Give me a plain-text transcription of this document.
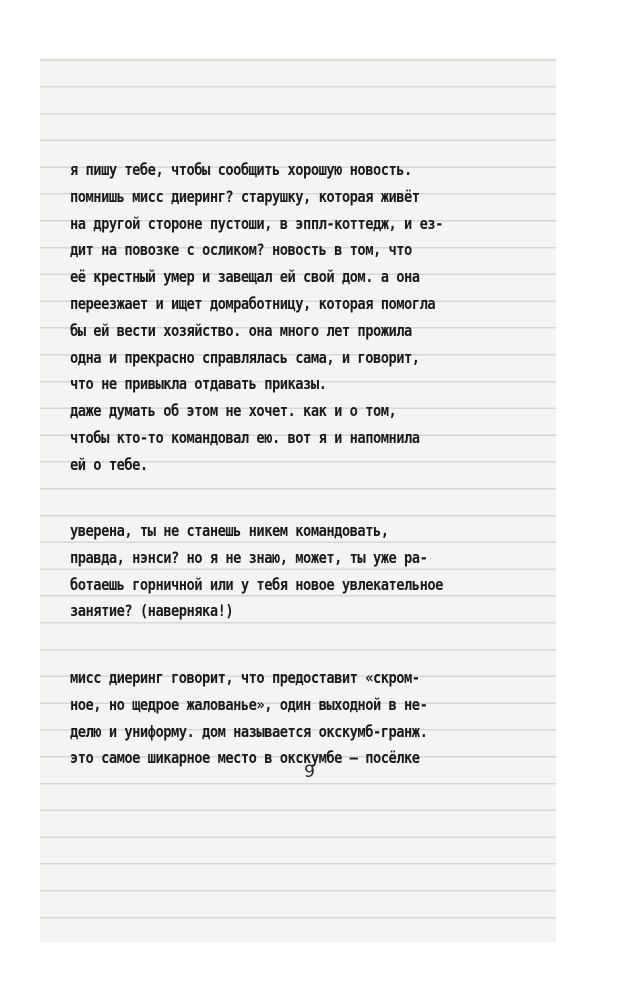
я пишу тебе, чтобы сообщить хорошую новость.
помнишь мисс диеринг? старушку, которая живёт
на другой стороне пустоши, в эппл-коттедж, и ез-
дит на повозке с осликом? новость в том, что
её крестный умер и завещал ей свой дом. а она
переезжает и ищет домработницу, которая помогла
бы ей вести хозяйство. она много лет прожила
одна и прекрасно справлялась сама, и говорит,
что не привыкла отдавать приказы.
даже думать об этом не хочет. как и о том,
чтобы кто-то командовал ею. вот я и напомнила
ей о тебе.
уверена, ты не станешь никем командовать,
правда, нэнси? но я не знаю, может, ты уже ра-
ботаешь горничной или у тебя новое увлекательное
занятие? (наверняка!)
мисс диеринг говорит, что предоставит «скром-
ное, но щедрое жалованье», один выходной в не-
делю и униформу. дом называется окскумб-гранж.
это самое шикарное место в окскумбе — посёлке
9
